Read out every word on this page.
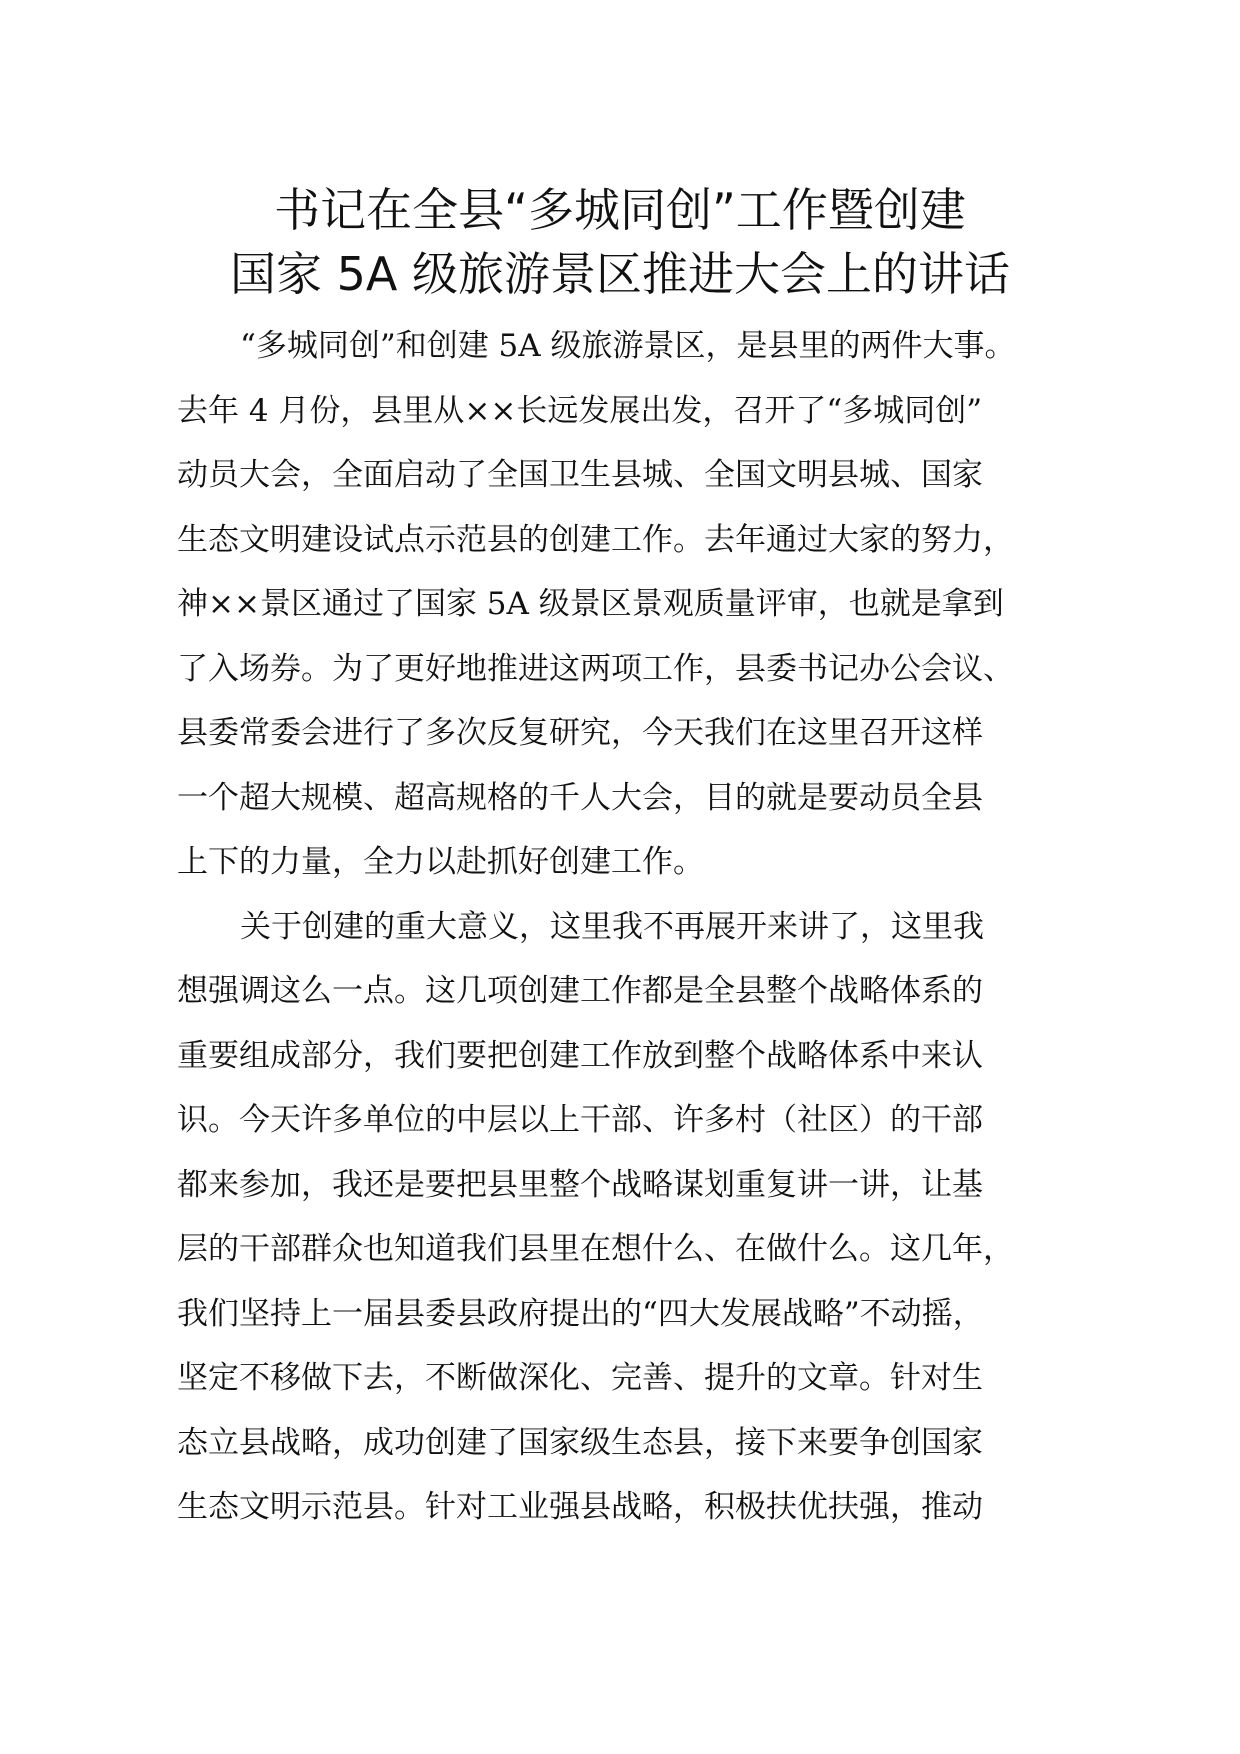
书记在全县“多城同创”工作暨创建
国家 5A 级旅游景区推进大会上的讲话
“多城同创”和创建 5A 级旅游景区，是县里的两件大事。
去年 4 月份，县里从××长远发展出发，召开了“多城同创”
动员大会，全面启动了全国卫生县城、全国文明县城、国家
生态文明建设试点示范县的创建工作。去年通过大家的努力，
神××景区通过了国家 5A 级景区景观质量评审，也就是拿到
了入场券。为了更好地推进这两项工作，县委书记办公会议、
县委常委会进行了多次反复研究，今天我们在这里召开这样
一个超大规模、超高规格的千人大会，目的就是要动员全县
上下的力量，全力以赴抓好创建工作。
关于创建的重大意义，这里我不再展开来讲了，这里我
想强调这么一点。这几项创建工作都是全县整个战略体系的
重要组成部分，我们要把创建工作放到整个战略体系中来认
识。今天许多单位的中层以上干部、许多村（社区）的干部
都来参加，我还是要把县里整个战略谋划重复讲一讲，让基
层的干部群众也知道我们县里在想什么、在做什么。这几年，
我们坚持上一届县委县政府提出的“四大发展战略”不动摇，
坚定不移做下去，不断做深化、完善、提升的文章。针对生
态立县战略，成功创建了国家级生态县，接下来要争创国家
生态文明示范县。针对工业强县战略，积极扶优扶强，推动
